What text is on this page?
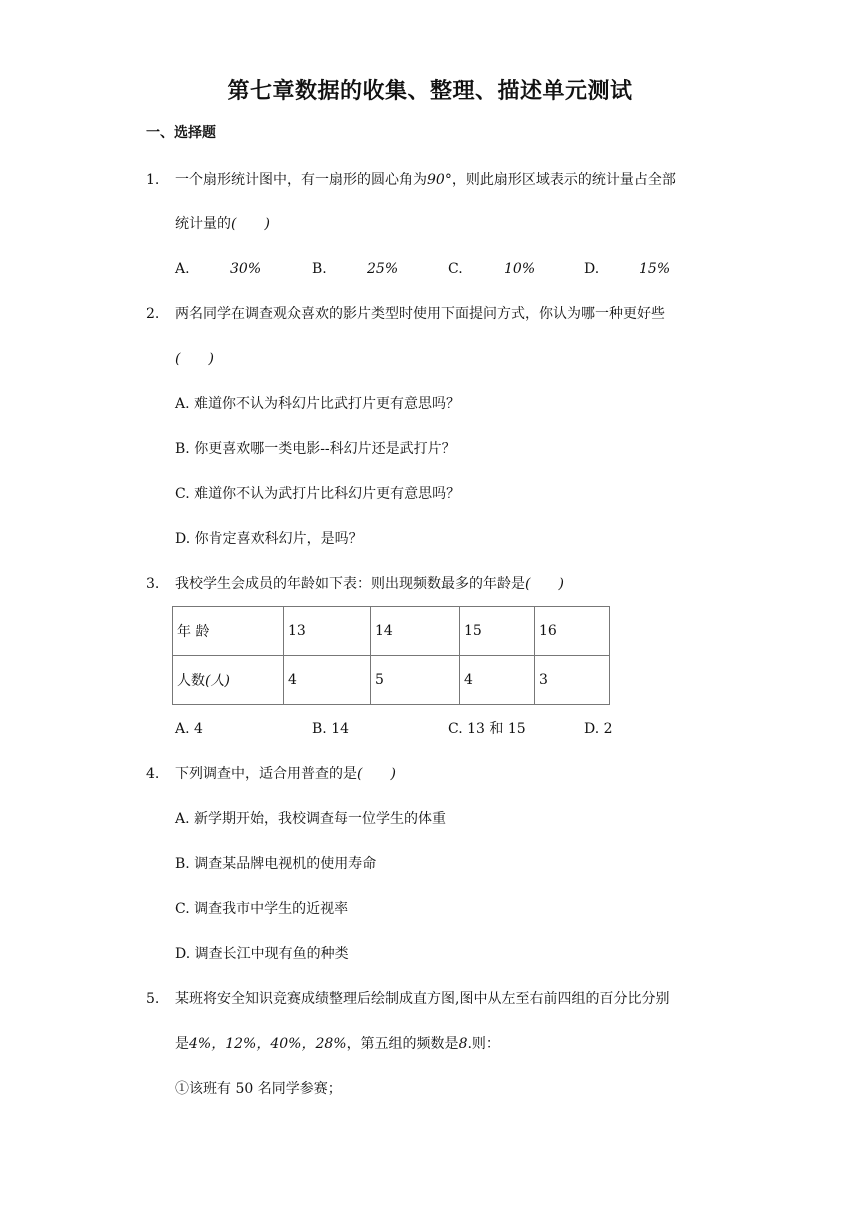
第七章数据的收集、整理、描述单元测试
一、选择题
1. 一个扇形统计图中，有一扇形的圆心角为90°，则此扇形区域表示的统计量占全部
统计量的(　　)
A.	30%	B.	25%	C.	10%	D.	15%
2. 两名同学在调查观众喜欢的影片类型时使用下面提问方式，你认为哪一种更好些
(　　)
A. 难道你不认为科幻片比武打片更有意思吗？
B. 你更喜欢哪一类电影--科幻片还是武打片？
C. 难道你不认为武打片比科幻片更有意思吗？
D. 你肯定喜欢科幻片，是吗？
3. 我校学生会成员的年龄如下表：则出现频数最多的年龄是(　　)
年 龄	13	14	15	16
人数(人)	4	5	4	3
A. 4	B. 14	C. 13 和 15	D. 2
4. 下列调查中，适合用普查的是(　　)
A. 新学期开始，我校调查每一位学生的体重
B. 调查某品牌电视机的使用寿命
C. 调查我市中学生的近视率
D. 调查长江中现有鱼的种类
5. 某班将安全知识竞赛成绩整理后绘制成直方图,图中从左至右前四组的百分比分别
是4%，12%，40%，28%，第五组的频数是8.则：
①该班有 50 名同学参赛；
